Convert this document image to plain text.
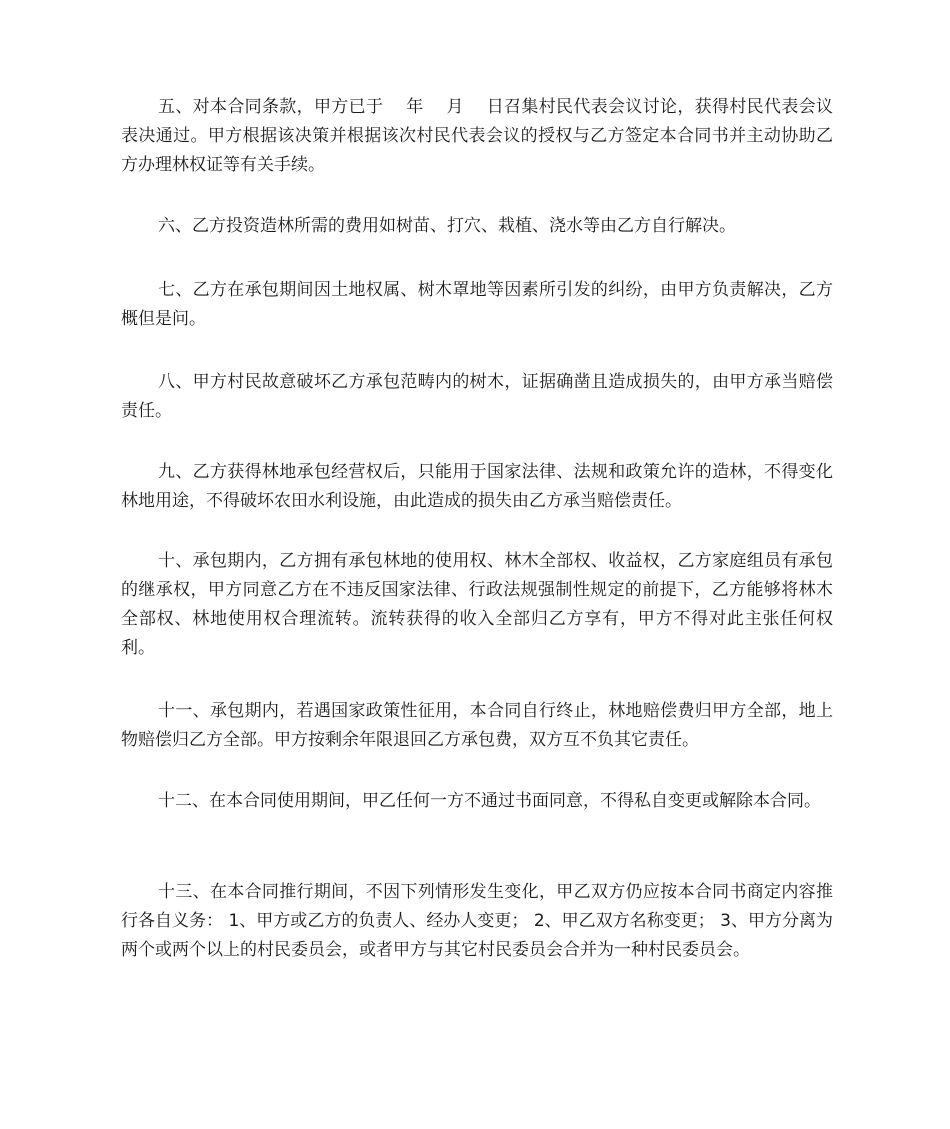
五、对本合同条款，甲方已于    年    月    日召集村民代表会议讨论，获得村民代表会议表决通过。甲方根据该决策并根据该次村民代表会议的授权与乙方签定本合同书并主动协助乙方办理林权证等有关手续。

六、乙方投资造林所需的费用如树苗、打穴、栽植、浇水等由乙方自行解决。

七、乙方在承包期间因土地权属、树木罩地等因素所引发的纠纷，由甲方负责解决，乙方概但是问。

八、甲方村民故意破坏乙方承包范畴内的树木，证据确凿且造成损失的，由甲方承当赔偿责任。

九、乙方获得林地承包经营权后，只能用于国家法律、法规和政策允许的造林，不得变化林地用途，不得破坏农田水利设施，由此造成的损失由乙方承当赔偿责任。

十、承包期内，乙方拥有承包林地的使用权、林木全部权、收益权，乙方家庭组员有承包的继承权，甲方同意乙方在不违反国家法律、行政法规强制性规定的前提下，乙方能够将林木全部权、林地使用权合理流转。流转获得的收入全部归乙方享有，甲方不得对此主张任何权利。

十一、承包期内，若遇国家政策性征用，本合同自行终止，林地赔偿费归甲方全部，地上物赔偿归乙方全部。甲方按剩余年限退回乙方承包费，双方互不负其它责任。

十二、在本合同使用期间，甲乙任何一方不通过书面同意，不得私自变更或解除本合同。

十三、在本合同推行期间，不因下列情形发生变化，甲乙双方仍应按本合同书商定内容推行各自义务： 1、甲方或乙方的负责人、经办人变更； 2、甲乙双方名称变更； 3、甲方分离为两个或两个以上的村民委员会，或者甲方与其它村民委员会合并为一种村民委员会。
